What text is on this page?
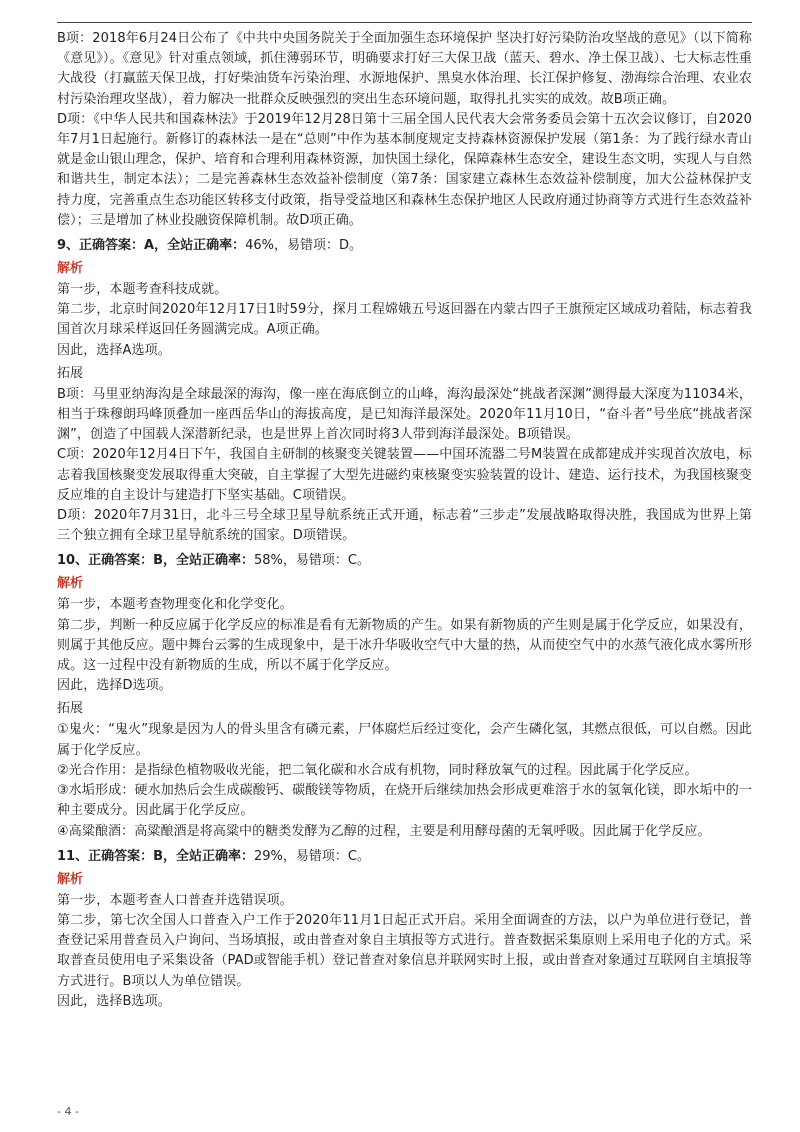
B项：2018年6月24日公布了《中共中央国务院关于全面加强生态环境保护 坚决打好污染防治攻坚战的意见》（以下简称《意见》）。《意见》针对重点领域，抓住薄弱环节，明确要求打好三大保卫战（蓝天、碧水、净土保卫战）、七大标志性重大战役（打赢蓝天保卫战，打好柴油货车污染治理、水源地保护、黑臭水体治理、长江保护修复、渤海综合治理、农业农村污染治理攻坚战），着力解决一批群众反映强烈的突出生态环境问题，取得扎扎实实的成效。故B项正确。

D项：《中华人民共和国森林法》于2019年12月28日第十三届全国人民代表大会常务委员会第十五次会议修订，自2020年7月1日起施行。新修订的森林法一是在“总则”中作为基本制度规定支持森林资源保护发展（第1条：为了践行绿水青山就是金山银山理念，保护、培育和合理利用森林资源，加快国土绿化，保障森林生态安全，建设生态文明，实现人与自然和谐共生，制定本法）；二是完善森林生态效益补偿制度（第7条：国家建立森林生态效益补偿制度，加大公益林保护支持力度，完善重点生态功能区转移支付政策，指导受益地区和森林生态保护地区人民政府通过协商等方式进行生态效益补偿）；三是增加了林业投融资保障机制。故D项正确。

9、正确答案：A，全站正确率：46%，易错项：D。
解析

第一步，本题考查科技成就。

第二步，北京时间2020年12月17日1时59分，探月工程嫦娥五号返回器在内蒙古四子王旗预定区域成功着陆，标志着我国首次月球采样返回任务圆满完成。A项正确。

因此，选择A选项。

拓展

B项：马里亚纳海沟是全球最深的海沟，像一座在海底倒立的山峰，海沟最深处“挑战者深渊”测得最大深度为11034米，相当于珠穆朗玛峰顶叠加一座西岳华山的海拔高度，是已知海洋最深处。2020年11月10日，“奋斗者”号坐底“挑战者深渊”，创造了中国载人深潜新纪录，也是世界上首次同时将3人带到海洋最深处。B项错误。

C项：2020年12月4日下午，我国自主研制的核聚变关键装置——中国环流器二号M装置在成都建成并实现首次放电，标志着我国核聚变发展取得重大突破，自主掌握了大型先进磁约束核聚变实验装置的设计、建造、运行技术，为我国核聚变反应堆的自主设计与建造打下坚实基础。C项错误。

D项：2020年7月31日，北斗三号全球卫星导航系统正式开通，标志着“三步走”发展战略取得决胜，我国成为世界上第三个独立拥有全球卫星导航系统的国家。D项错误。

10、正确答案：B，全站正确率：58%，易错项：C。
解析

第一步，本题考查物理变化和化学变化。

第二步，判断一种反应属于化学反应的标准是看有无新物质的产生。如果有新物质的产生则是属于化学反应，如果没有，则属于其他反应。题中舞台云雾的生成现象中，是干冰升华吸收空气中大量的热，从而使空气中的水蒸气液化成水雾所形成。这一过程中没有新物质的生成，所以不属于化学反应。

因此，选择D选项。

拓展

①鬼火：“鬼火”现象是因为人的骨头里含有磷元素，尸体腐烂后经过变化，会产生磷化氢，其燃点很低，可以自燃。因此属于化学反应。

②光合作用：是指绿色植物吸收光能，把二氧化碳和水合成有机物，同时释放氧气的过程。因此属于化学反应。

③水垢形成：硬水加热后会生成碳酸钙、碳酸镁等物质，在烧开后继续加热会形成更难溶于水的氢氧化镁，即水垢中的一种主要成分。因此属于化学反应。

④高粱酿酒：高粱酿酒是将高粱中的糖类发酵为乙醇的过程，主要是利用酵母菌的无氧呼吸。因此属于化学反应。

11、正确答案：B，全站正确率：29%，易错项：C。
解析

第一步，本题考查人口普查并选错误项。

第二步，第七次全国人口普查入户工作于2020年11月1日起正式开启。采用全面调查的方法，以户为单位进行登记，普查登记采用普查员入户询问、当场填报，或由普查对象自主填报等方式进行。普查数据采集原则上采用电子化的方式。采取普查员使用电子采集设备（PAD或智能手机）登记普查对象信息并联网实时上报，或由普查对象通过互联网自主填报等方式进行。B项以人为单位错误。

因此，选择B选项。

- 4 -
